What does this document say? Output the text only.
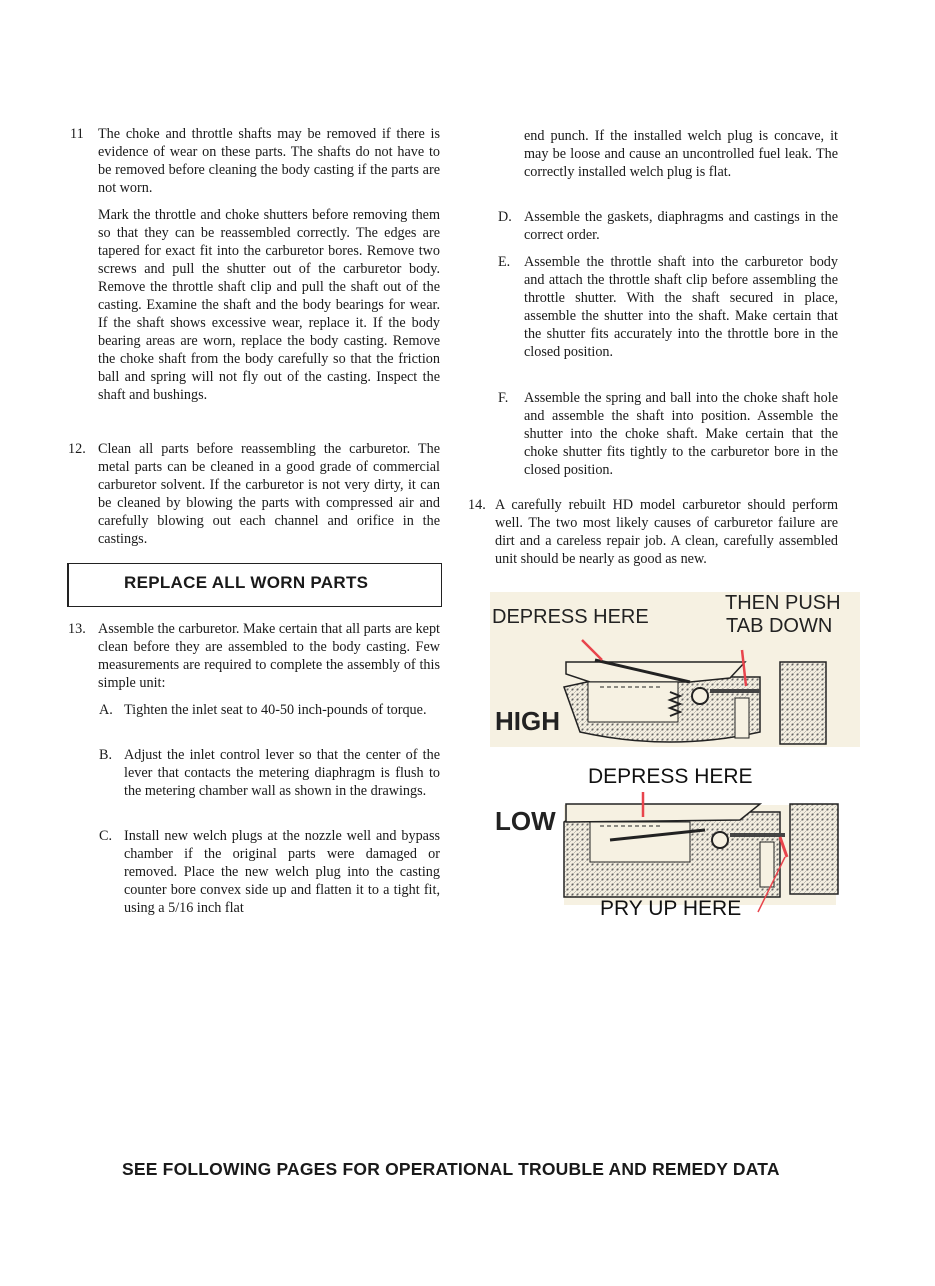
11 The choke and throttle shafts may be removed if there is evidence of wear on these parts. The shafts do not have to be removed before cleaning the body casting if the parts are not worn.
Mark the throttle and choke shutters before removing them so that they can be reassembled correctly. The edges are tapered for exact fit into the carburetor bores. Remove two screws and pull the shutter out of the carburetor body. Remove the throttle shaft clip and pull the shaft out of the casting. Examine the shaft and the body bearings for wear. If the shaft shows excessive wear, replace it. If the body bearing areas are worn, replace the body casting. Remove the choke shaft from the body carefully so that the friction ball and spring will not fly out of the casting. Inspect the shaft and bushings.
12. Clean all parts before reassembling the carburetor. The metal parts can be cleaned in a good grade of commercial carburetor solvent. If the carburetor is not very dirty, it can be cleaned by blowing the parts with compressed air and carefully blowing out each channel and orifice in the castings.
REPLACE ALL WORN PARTS
13. Assemble the carburetor. Make certain that all parts are kept clean before they are assembled to the body casting. Few measurements are required to complete the assembly of this simple unit:
A. Tighten the inlet seat to 40-50 inch-pounds of torque.
B. Adjust the inlet control lever so that the center of the lever that contacts the metering diaphragm is flush to the metering chamber wall as shown in the drawings.
C. Install new welch plugs at the nozzle well and bypass chamber if the original parts were damaged or removed. Place the new welch plug into the casting counter bore convex side up and flatten it to a tight fit, using a 5/16 inch flat
end punch. If the installed welch plug is concave, it may be loose and cause an uncontrolled fuel leak. The correctly installed welch plug is flat.
D. Assemble the gaskets, diaphragms and castings in the correct order.
E. Assemble the throttle shaft into the carburetor body and attach the throttle shaft clip before assembling the throttle shutter. With the shaft secured in place, assemble the shutter into the shaft. Make certain that the shutter fits accurately into the throttle bore in the closed position.
F. Assemble the spring and ball into the choke shaft hole and assemble the shaft into position. Assemble the shutter into the choke shaft. Make certain that the choke shutter fits tightly to the carburetor bore in the closed position.
14. A carefully rebuilt HD model carburetor should perform well. The two most likely causes of carburetor failure are dirt and a careless repair job. A clean, carefully assembled unit should be nearly as good as new.
DEPRESS HERE
THEN PUSH
TAB DOWN
HIGH
DEPRESS HERE
LOW
PRY UP HERE
SEE FOLLOWING PAGES FOR OPERATIONAL TROUBLE AND REMEDY DATA
